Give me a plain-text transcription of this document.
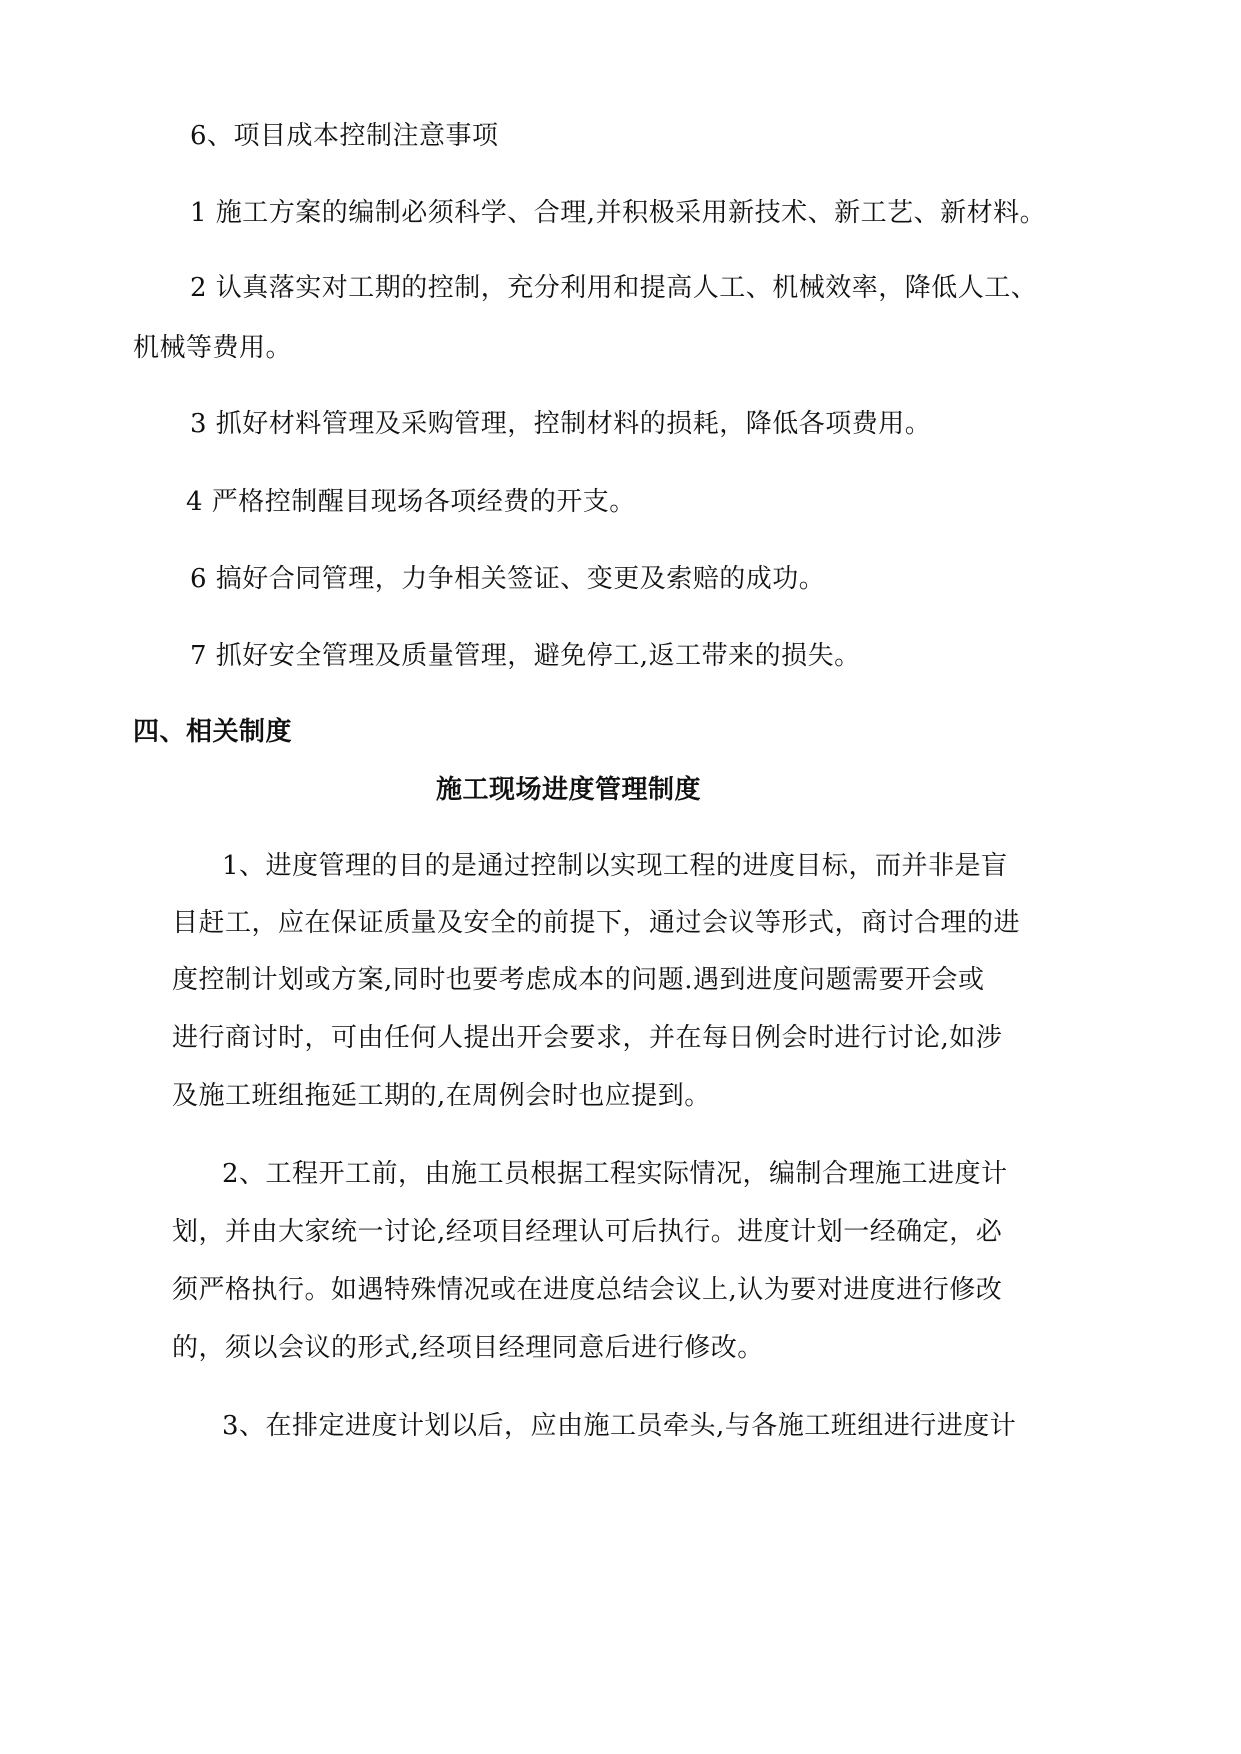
6、项目成本控制注意事项

1 施工方案的编制必须科学、合理,并积极采用新技术、新工艺、新材料。

2 认真落实对工期的控制，充分利用和提高人工、机械效率，降低人工、

机械等费用。

3 抓好材料管理及采购管理，控制材料的损耗，降低各项费用。

4 严格控制醒目现场各项经费的开支。

6 搞好合同管理，力争相关签证、变更及索赔的成功。

7 抓好安全管理及质量管理，避免停工,返工带来的损失。

四、相关制度

施工现场进度管理制度

1、进度管理的目的是通过控制以实现工程的进度目标，而并非是盲

目赶工，应在保证质量及安全的前提下，通过会议等形式，商讨合理的进

度控制计划或方案,同时也要考虑成本的问题.遇到进度问题需要开会或

进行商讨时，可由任何人提出开会要求，并在每日例会时进行讨论,如涉

及施工班组拖延工期的,在周例会时也应提到。

2、工程开工前，由施工员根据工程实际情况，编制合理施工进度计

划，并由大家统一讨论,经项目经理认可后执行。进度计划一经确定，必

须严格执行。如遇特殊情况或在进度总结会议上,认为要对进度进行修改

的，须以会议的形式,经项目经理同意后进行修改。

3、在排定进度计划以后，应由施工员牵头,与各施工班组进行进度计
